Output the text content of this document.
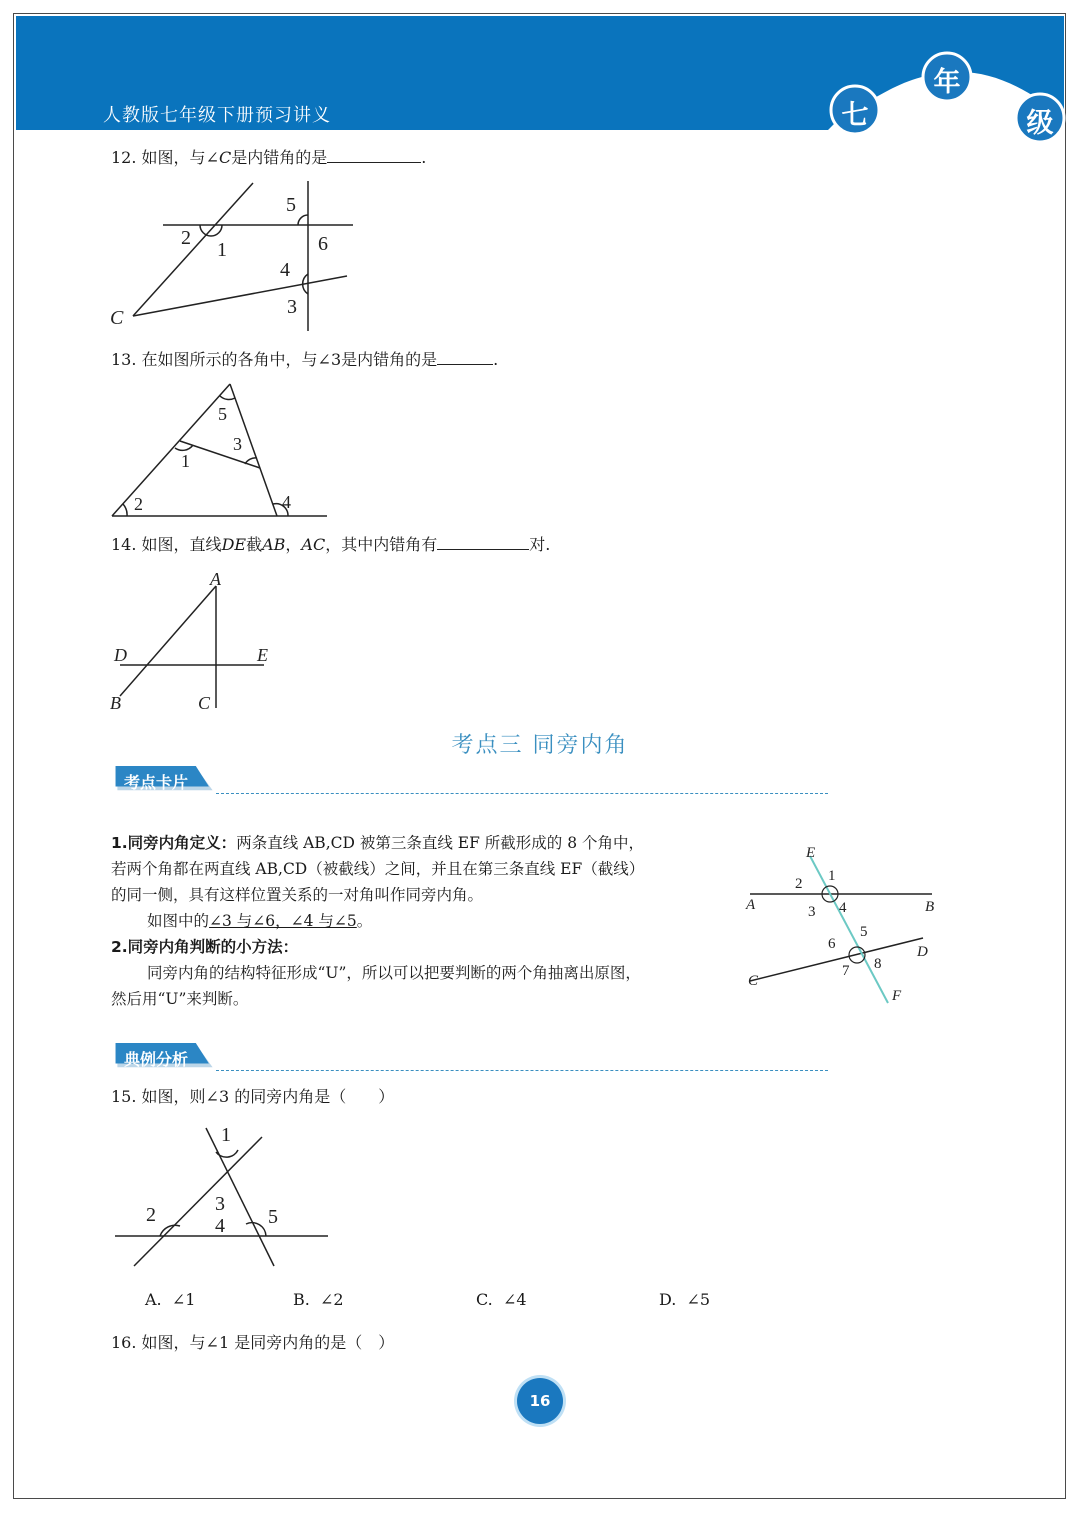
人教版七年级下册预习讲义	七
年
级
12. 如图，与∠C是内错角的是	.
5
2
1	6
4
3
C
13. 在如图所示的各角中，与∠3是内错角的是	.
5
3
1
2	4
14. 如图，直线DE截AB，AC，其中内错角有	对.
A
D	E
B	C
考点三 同旁内角
考点卡片
1.同旁内角定义：两条直线 AB,CD 被第三条直线 EF 所截形成的 8 个角中，
若两个角都在两直线 AB,CD（被截线）之间，并且在第三条直线 EF（截线）
的同一侧，具有这样位置关系的一对角叫作同旁内角。
如图中的∠3 与∠6，∠4 与∠5。
2.同旁内角判断的小方法：
同旁内角的结构特征形成“U”，所以可以把要判断的两个角抽离出原图，
然后用“U”来判断。
E
1
2
A	3 4	B
5
6	D
7 8
C
F
典例分析
15. 如图，则∠3 的同旁内角是（　　）
1
3
2	4 5
A. ∠1	B. ∠2	C. ∠4	D. ∠5
16. 如图，与∠1 是同旁内角的是（　）
16
